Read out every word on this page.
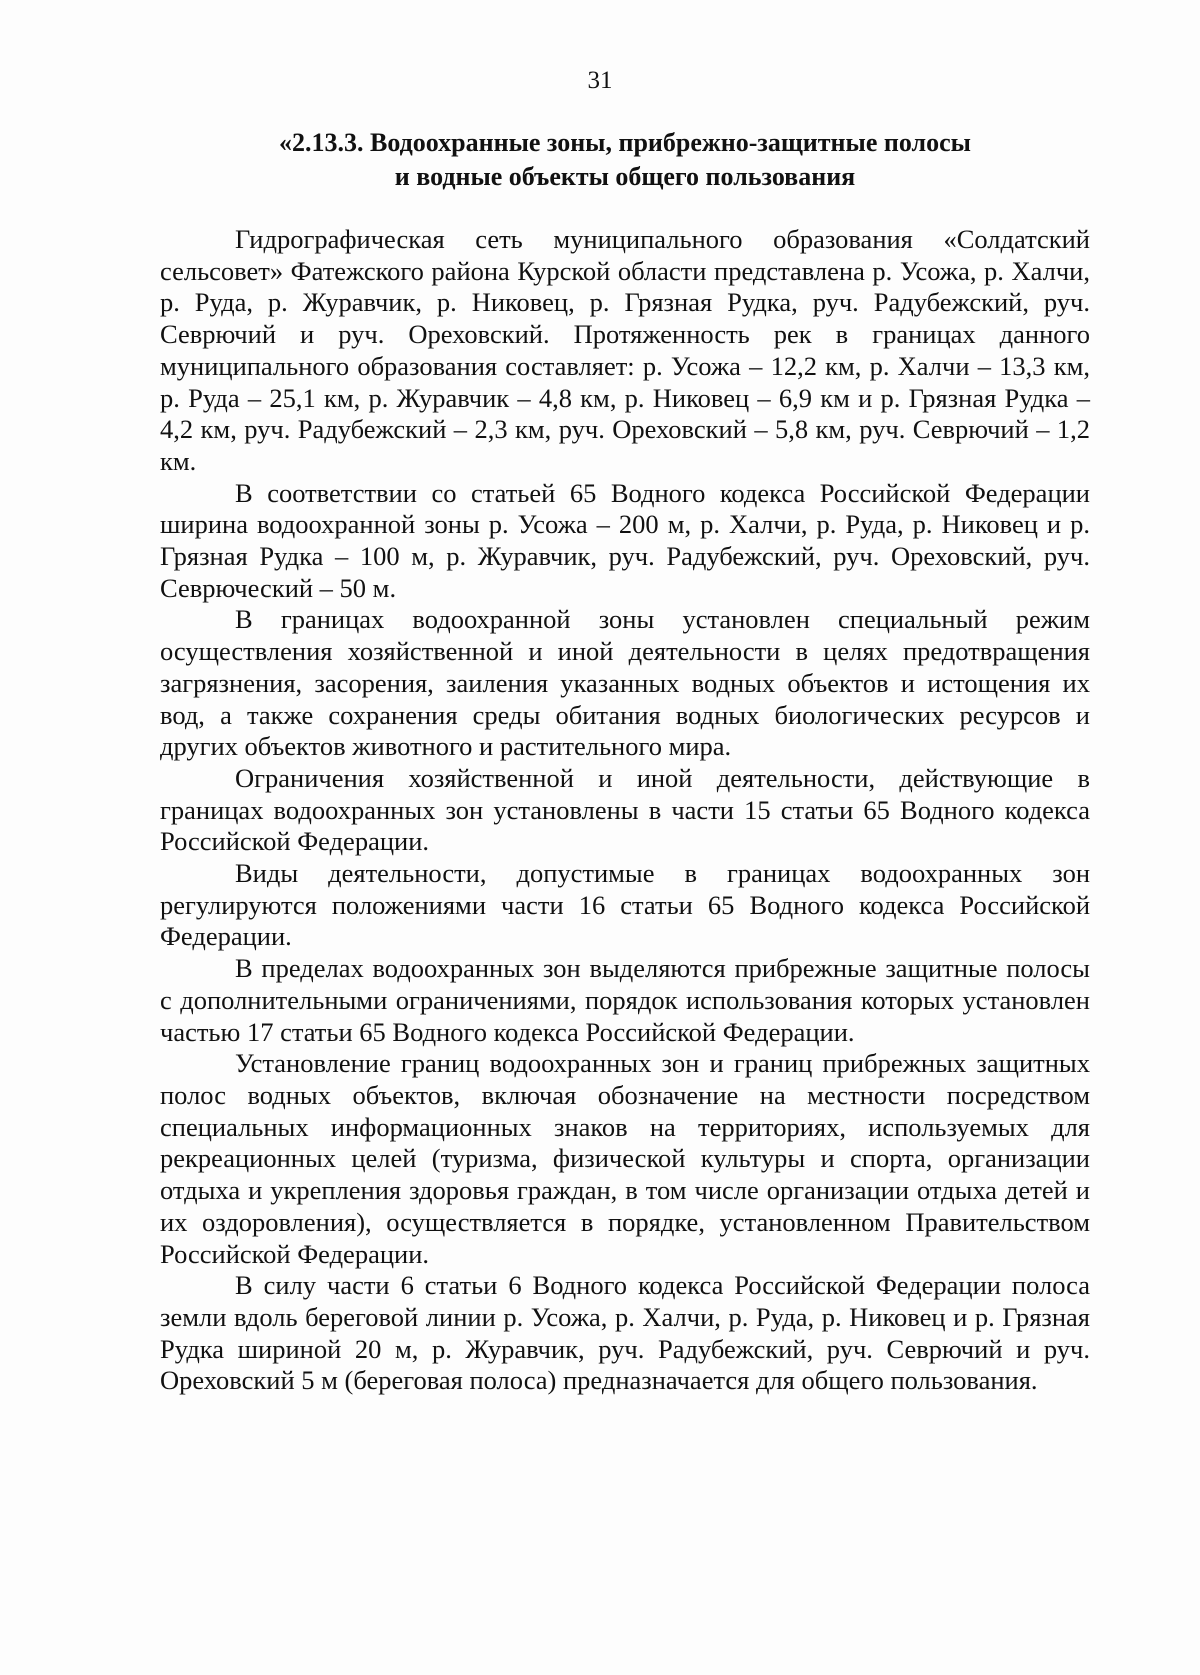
31
«2.13.3. Водоохранные зоны, прибрежно-защитные полосы
и водные объекты общего пользования

Гидрографическая сеть муниципального образования «Солдатский сельсовет» Фатежского района Курской области представлена р. Усожа, р. Халчи, р. Руда, р. Журавчик, р. Никовец, р. Грязная Рудка, руч. Радубежский, руч. Севрючий и руч. Ореховский. Протяженность рек в границах данного муниципального образования составляет: р. Усожа – 12,2 км, р. Халчи – 13,3 км, р. Руда – 25,1 км, р. Журавчик – 4,8 км, р. Никовец – 6,9 км и р. Грязная Рудка – 4,2 км, руч. Радубежский – 2,3 км, руч. Ореховский – 5,8 км, руч. Севрючий – 1,2 км.

В соответствии со статьей 65 Водного кодекса Российской Федерации ширина водоохранной зоны р. Усожа – 200 м, р. Халчи, р. Руда, р. Никовец и р. Грязная Рудка – 100 м, р. Журавчик, руч. Радубежский, руч. Ореховский, руч. Севрюческий – 50 м.

В границах водоохранной зоны установлен специальный режим осуществления хозяйственной и иной деятельности в целях предотвращения загрязнения, засорения, заиления указанных водных объектов и истощения их вод, а также сохранения среды обитания водных биологических ресурсов и других объектов животного и растительного мира.

Ограничения хозяйственной и иной деятельности, действующие в границах водоохранных зон установлены в части 15 статьи 65 Водного кодекса Российской Федерации.

Виды деятельности, допустимые в границах водоохранных зон регулируются положениями части 16 статьи 65 Водного кодекса Российской Федерации.

В пределах водоохранных зон выделяются прибрежные защитные полосы с дополнительными ограничениями, порядок использования которых установлен частью 17 статьи 65 Водного кодекса Российской Федерации.

Установление границ водоохранных зон и границ прибрежных защитных полос водных объектов, включая обозначение на местности посредством специальных информационных знаков на территориях, используемых для рекреационных целей (туризма, физической культуры и спорта, организации отдыха и укрепления здоровья граждан, в том числе организации отдыха детей и их оздоровления), осуществляется в порядке, установленном Правительством Российской Федерации.

В силу части 6 статьи 6 Водного кодекса Российской Федерации полоса земли вдоль береговой линии р. Усожа, р. Халчи, р. Руда, р. Никовец и р. Грязная Рудка шириной 20 м, р. Журавчик, руч. Радубежский, руч. Севрючий и руч. Ореховский 5 м (береговая полоса) предназначается для общего пользования.
